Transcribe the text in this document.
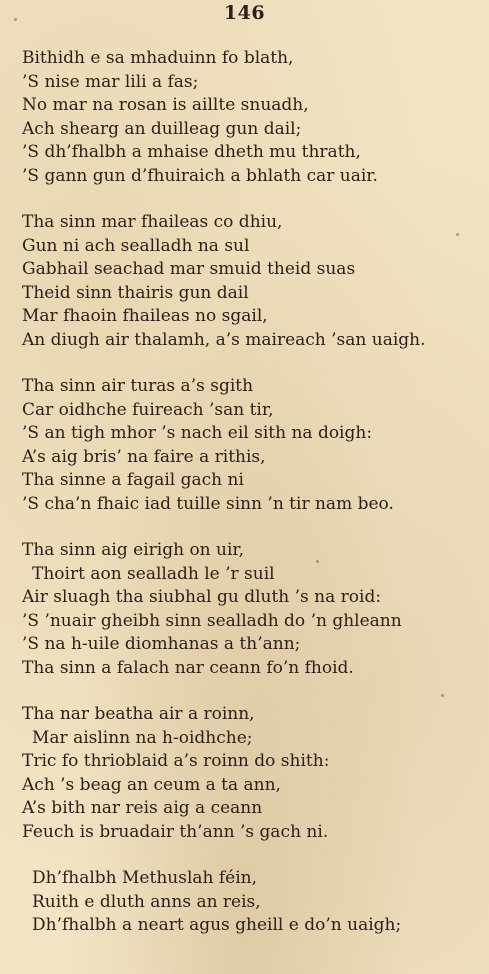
146
Bithidh e sa mhaduinn fo blath,
’S nise mar lili a fas;
No mar na rosan is aillte snuadh,
Ach shearg an duilleag gun dail;
’S dh’fhalbh a mhaise dheth mu thrath,
’S gann gun d’fhuiraich a bhlath car uair.
Tha sinn mar fhaileas co dhiu,
Gun ni ach sealladh na sul
Gabhail seachad mar smuid theid suas
Theid sinn thairis gun dail
Mar fhaoin fhaileas no sgail,
An diugh air thalamh, a’s maireach ’san uaigh.
Tha sinn air turas a’s sgith
Car oidhche fuireach ’san tir,
’S an tigh mhor ’s nach eil sith na doigh:
A’s aig bris’ na faire a rithis,
Tha sinne a fagail gach ni
’S cha’n fhaic iad tuille sinn ’n tir nam beo.
Tha sinn aig eirigh on uir,
Thoirt aon sealladh le ’r suil
Air sluagh tha siubhal gu dluth ’s na roid:
’S ’nuair gheibh sinn sealladh do ’n ghleann
’S na h-uile diomhanas a th’ann;
Tha sinn a falach nar ceann fo’n fhoid.
Tha nar beatha air a roinn,
Mar aislinn na h-oidhche;
Tric fo thrioblaid a’s roinn do shith:
Ach ’s beag an ceum a ta ann,
A’s bith nar reis aig a ceann
Feuch is bruadair th’ann ’s gach ni.
Dh’fhalbh Methuslah féin,
Ruith e dluth anns an reis,
Dh’fhalbh a neart agus gheill e do’n uaigh;
